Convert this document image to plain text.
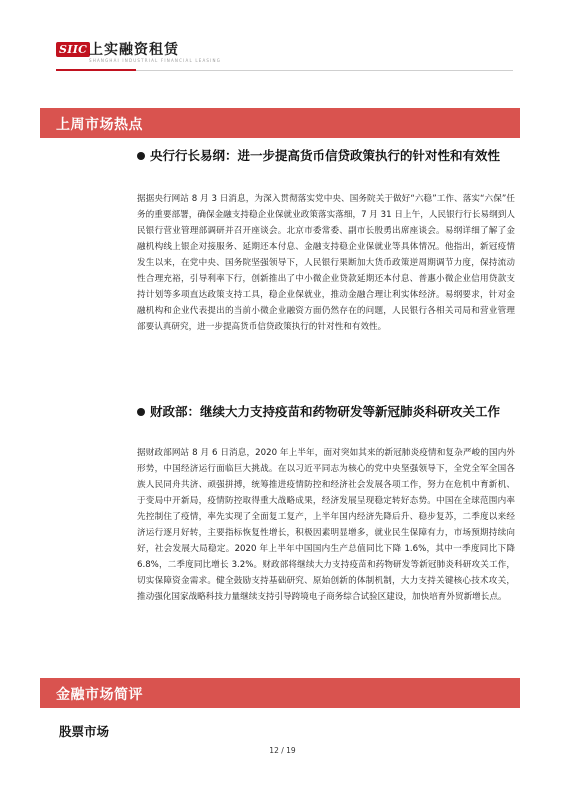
SIIC 上实融资租赁
SHANGHAI INDUSTRIAL FINANCIAL LEASING
上周市场热点
央行行长易纲：进一步提高货币信贷政策执行的针对性和有效性
据据央行网站 8 月 3 日消息，为深入贯彻落实党中央、国务院关于做好“六稳”工作、落实“六保”任务的重要部署，确保金融支持稳企业保就业政策落实落细，7 月 31 日上午，人民银行行长易纲到人民银行营业管理部调研并召开座谈会。北京市委常委、副市长殷勇出席座谈会。易纲详细了解了金融机构线上银企对接服务、延期还本付息、金融支持稳企业保就业等具体情况。他指出，新冠疫情发生以来，在党中央、国务院坚强领导下，人民银行果断加大货币政策逆周期调节力度，保持流动性合理充裕，引导利率下行，创新推出了中小微企业贷款延期还本付息、普惠小微企业信用贷款支持计划等多项直达政策支持工具，稳企业保就业，推动金融合理让利实体经济。易纲要求，针对金融机构和企业代表提出的当前小微企业融资方面仍然存在的问题，人民银行各相关司局和营业管理部要认真研究，进一步提高货币信贷政策执行的针对性和有效性。
财政部：继续大力支持疫苗和药物研发等新冠肺炎科研攻关工作
据财政部网站 8 月 6 日消息，2020 年上半年，面对突如其来的新冠肺炎疫情和复杂严峻的国内外形势，中国经济运行面临巨大挑战。在以习近平同志为核心的党中央坚强领导下，全党全军全国各族人民同舟共济、顽强拼搏，统筹推进疫情防控和经济社会发展各项工作，努力在危机中育新机、于变局中开新局，疫情防控取得重大战略成果，经济发展呈现稳定转好态势。中国在全球范围内率先控制住了疫情，率先实现了全面复工复产，上半年国内经济先降后升、稳步复苏，二季度以来经济运行逐月好转，主要指标恢复性增长，积极因素明显增多，就业民生保障有力，市场预期持续向好，社会发展大局稳定。2020 年上半年中国国内生产总值同比下降 1.6%，其中一季度同比下降 6.8%，二季度同比增长 3.2%。财政部将继续大力支持疫苗和药物研发等新冠肺炎科研攻关工作，切实保障资金需求。健全鼓励支持基础研究、原始创新的体制机制，大力支持关键核心技术攻关，推动强化国家战略科技力量继续支持引导跨境电子商务综合试验区建设，加快培育外贸新增长点。
金融市场简评
股票市场
12 / 19
